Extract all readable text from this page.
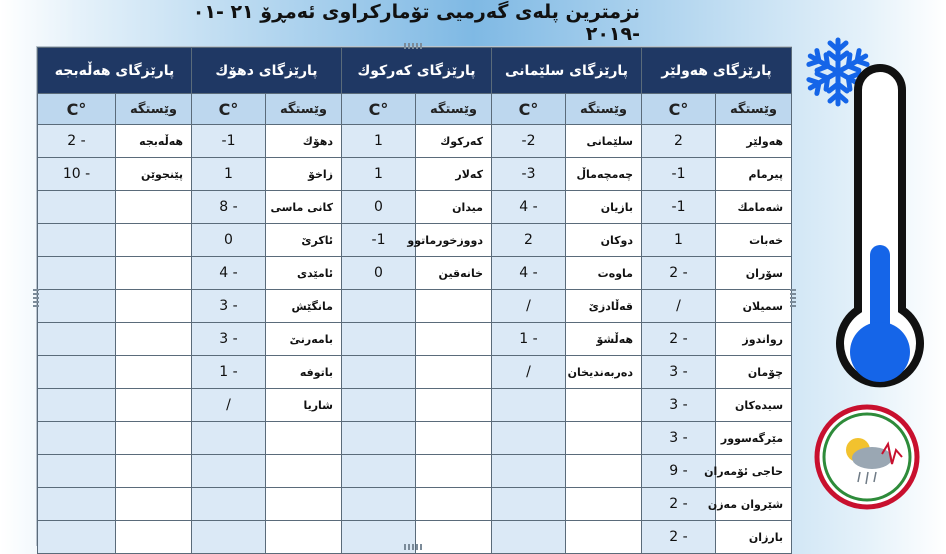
نزمترین پلەی گەرمیی تۆمارکراوی ئەمڕۆ ٢١ -٠١ -٢٠١٩
پارێزگای هەولێر		پارێزگای سلێمانی		پارێزگای كەركوك		پارێزگای دهۆك		پارێزگای هەڵەبجە	
وێستگە	°C	وێستگە	°C	وێستگە	°C	وێستگە	°C	وێستگە	°C
هەولێر	2	سلێمانی	-2	كەركوك	1	دهۆك	-1	هەڵەبجە	2 -
پیرمام	-1	چەمچەماڵ	-3	كەلار	1	زاخۆ	1	پێنجوێن	10 -
شەمامك	-1	بازیان	4 -	میدان	0	كانی ماسی	8 -		
خەبات	1	دوكان	2	دووزخورماتوو	-1	ئاكرێ	0		
سۆران	2 -	ماوەت	4 -	خانەقین	0	ئامێدی	4 -		
سمیلان	/	قەڵادزێ	/			مانگێش	3 -		
رواندوز	2 -	هەڵشۆ	1 -			بامەرنێ	3 -		
چۆمان	3 -	دەربەندیخان	/			باتوفە	1 -		
سیدەكان	3 -					شاریا	/		
مێرگەسوور	3 -								
حاجی ئۆمەران	9 -								
شێروان مەزن	2 -								
بارزان	2 -								
